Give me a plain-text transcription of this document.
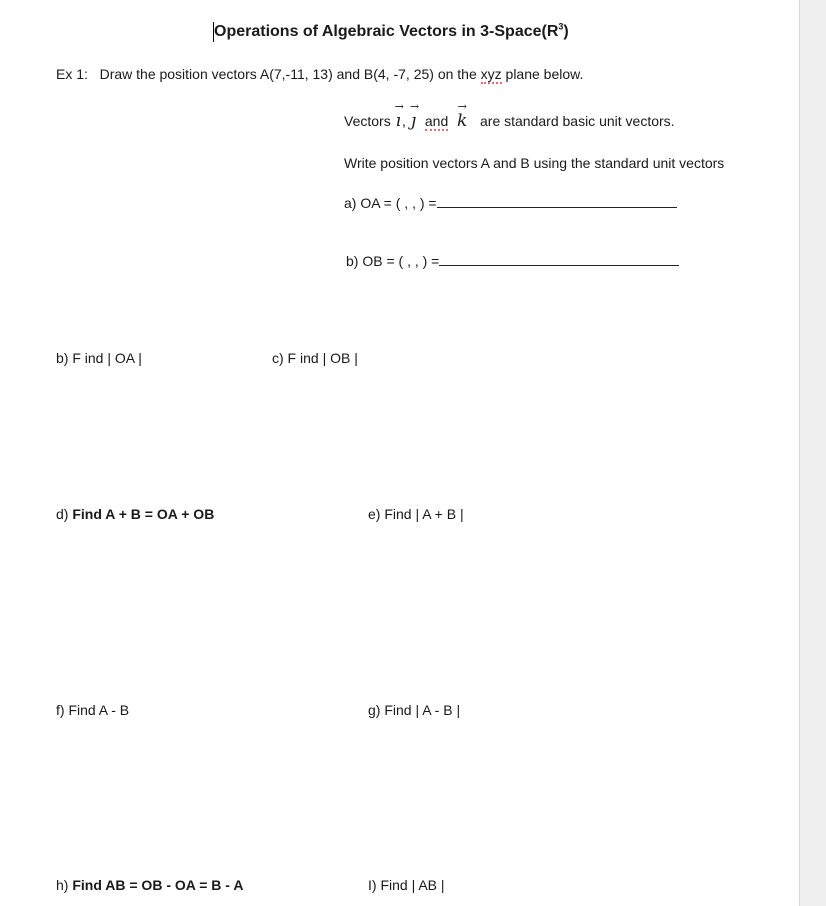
Operations of Algebraic Vectors in $3-Space(R^3)$
Ex 1: Draw the position vectors A(7,-11, 13) and B(4, -7, 25) on the xyz plane below.
Vectors
→
ı,
→
ȷ and
→
k are standard basic unit vectors.
Write position vectors A and B using the standard unit vectors
a) OA = ( , , ) =
b) OB = ( , , ) =
b) F ind | OA |	c) F ind | OB |
d) Find A + B = OA + OB	e) Find | A + B |
f) Find A - B	g) Find | A - B |
h) Find AB = OB - OA = B - A	I) Find | AB |
